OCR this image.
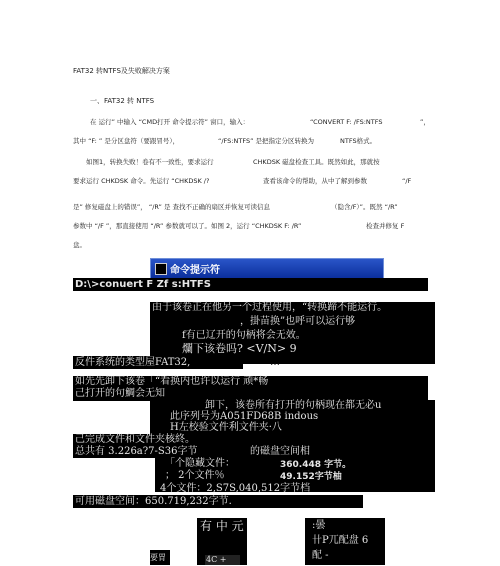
FAT32 转NTFS及失败解决方案
一、FAT32 转 NTFS
在 运行” 中输入 “CMD打开 命令提示符” 窗口，输入：	“CONVERT F: /FS:NTFS	”，
其中 “F: ” 是分区盘符（要跟冒号），	“/FS:NTFS” 是把指定分区转换为	NTFS格式。
如图1，转换失败！卷有不一致性，要求运行	CHKDSK 磁盘检查工具。既然如此，那就按
要求运行 CHKDSK 命令。先运行 “CHKDSK /?	查看该命令的帮助，从中了解到参数	“/F
是” 修复磁盘上的错误”， “/R” 是 查找不正确的扇区并恢复可读信息	（隐含/F）”。既然 “/R”
参数中 “/F ”，那直接使用 “/R” 参数就可以了。如图 2，运行 “CHKDSK F: /R”	检查并修复 F
盘。
命令提示符
D:\>conuert F Zf s:HTFS
由于该卷正在他另一个过程使用，“转换蹄不能运行。
，掛苗换”也呼可以运行够
f有已辽开的句柄将会无效。
爛下该卷吗? <V/N> 9
反件系统的类型屋FAT32,	…
如先先卸下该卷「“看换内也许以运行 顽*畅
己打开的句鯛会无知
卸下，该卷所有打开的句柄现在都无必u
此序列号为A051FD68B indous
H左校验文件利文件夹·八
己完成文件和文件夹核終。
总共有 3.226a?7-S36字节	的磁盘空间相
「个隐藏文件：	360.448 字节。
； 2个文件％	49.152字节柚
4个文件：2,S7S,040,512字节档
可用磁盘空间：650.719,232字节.
有 中 元	:曇
卄P兀配盘 6
配 -
要胃	4C +
